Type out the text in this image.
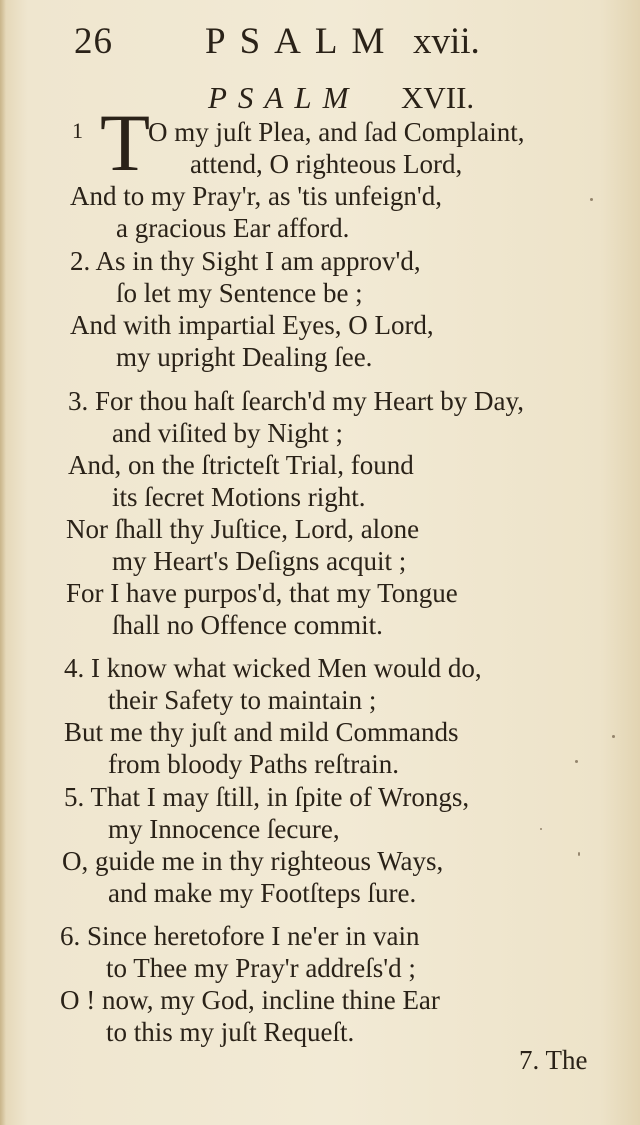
26 PSALM xvii.
PSALM XVII.
1 T
O my juſt Plea, and ſad Complaint,
attend, O righteous Lord,
And to my Pray'r, as 'tis unfeign'd,
a gracious Ear afford.
2. As in thy Sight I am approv'd,
ſo let my Sentence be ;
And with impartial Eyes, O Lord,
my upright Dealing ſee.
3. For thou haſt ſearch'd my Heart by Day,
and viſited by Night ;
And, on the ſtricteſt Trial, found
its ſecret Motions right.
Nor ſhall thy Juſtice, Lord, alone
my Heart's Deſigns acquit ;
For I have purpos'd, that my Tongue
ſhall no Offence commit.
4. I know what wicked Men would do,
their Safety to maintain ;
But me thy juſt and mild Commands
from bloody Paths reſtrain.
5. That I may ſtill, in ſpite of Wrongs,
my Innocence ſecure,
O, guide me in thy righteous Ways,
and make my Footſteps ſure.
6. Since heretofore I ne'er in vain
to Thee my Pray'r addreſs'd ;
O ! now, my God, incline thine Ear
to this my juſt Requeſt.
7. The
